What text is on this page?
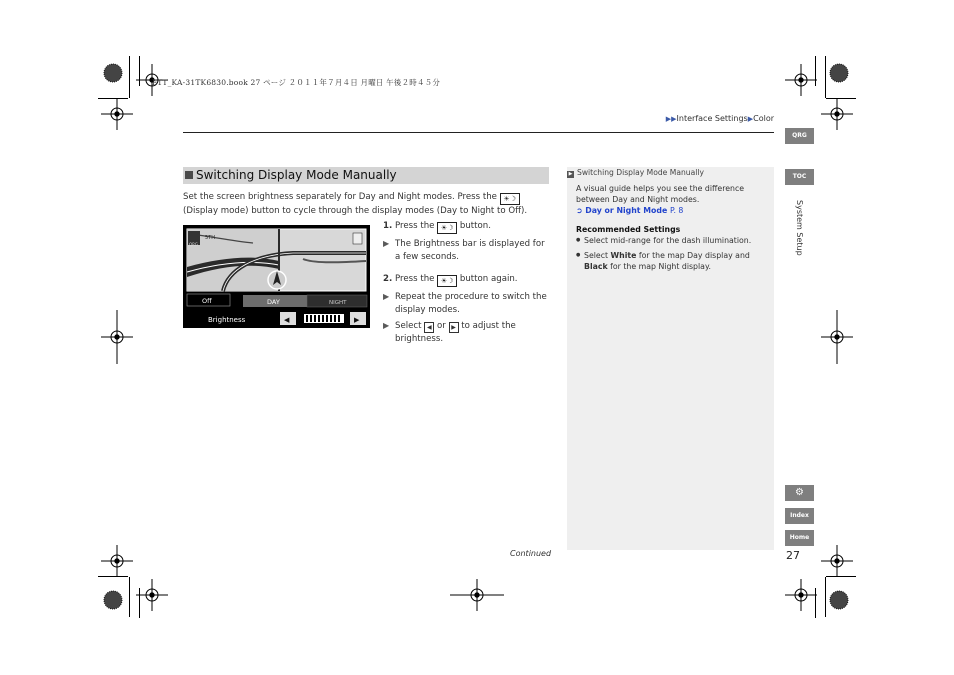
F1T_KA-31TK6830.book 27 ページ ２０１１年７月４日 月曜日 午後２時４５分
▶▶Interface Settings▶Color
Switching Display Mode Manually
Set the screen brightness separately for Day and Night modes. Press the ☀☽
(Display mode) button to cycle through the display modes (Day to Night to Off).
5TH
QRG
Off	DAY	NIGHT
Brightness	◀	▶
1. Press the ☀☽ button.
▶ The Brightness bar is displayed for a few seconds.
2. Press the ☀☽ button again.
▶ Repeat the procedure to switch the display modes.
▶ Select ◀ or ▶ to adjust the brightness.
▶ Switching Display Mode Manually
A visual guide helps you see the difference between Day and Night modes.
➲ Day or Night Mode P. 8
Recommended Settings
● Select mid-range for the dash illumination.
● Select White for the map Day display and Black for the map Night display.
QRG
TOC
System Setup
⚙
Index
Home
Continued	27
